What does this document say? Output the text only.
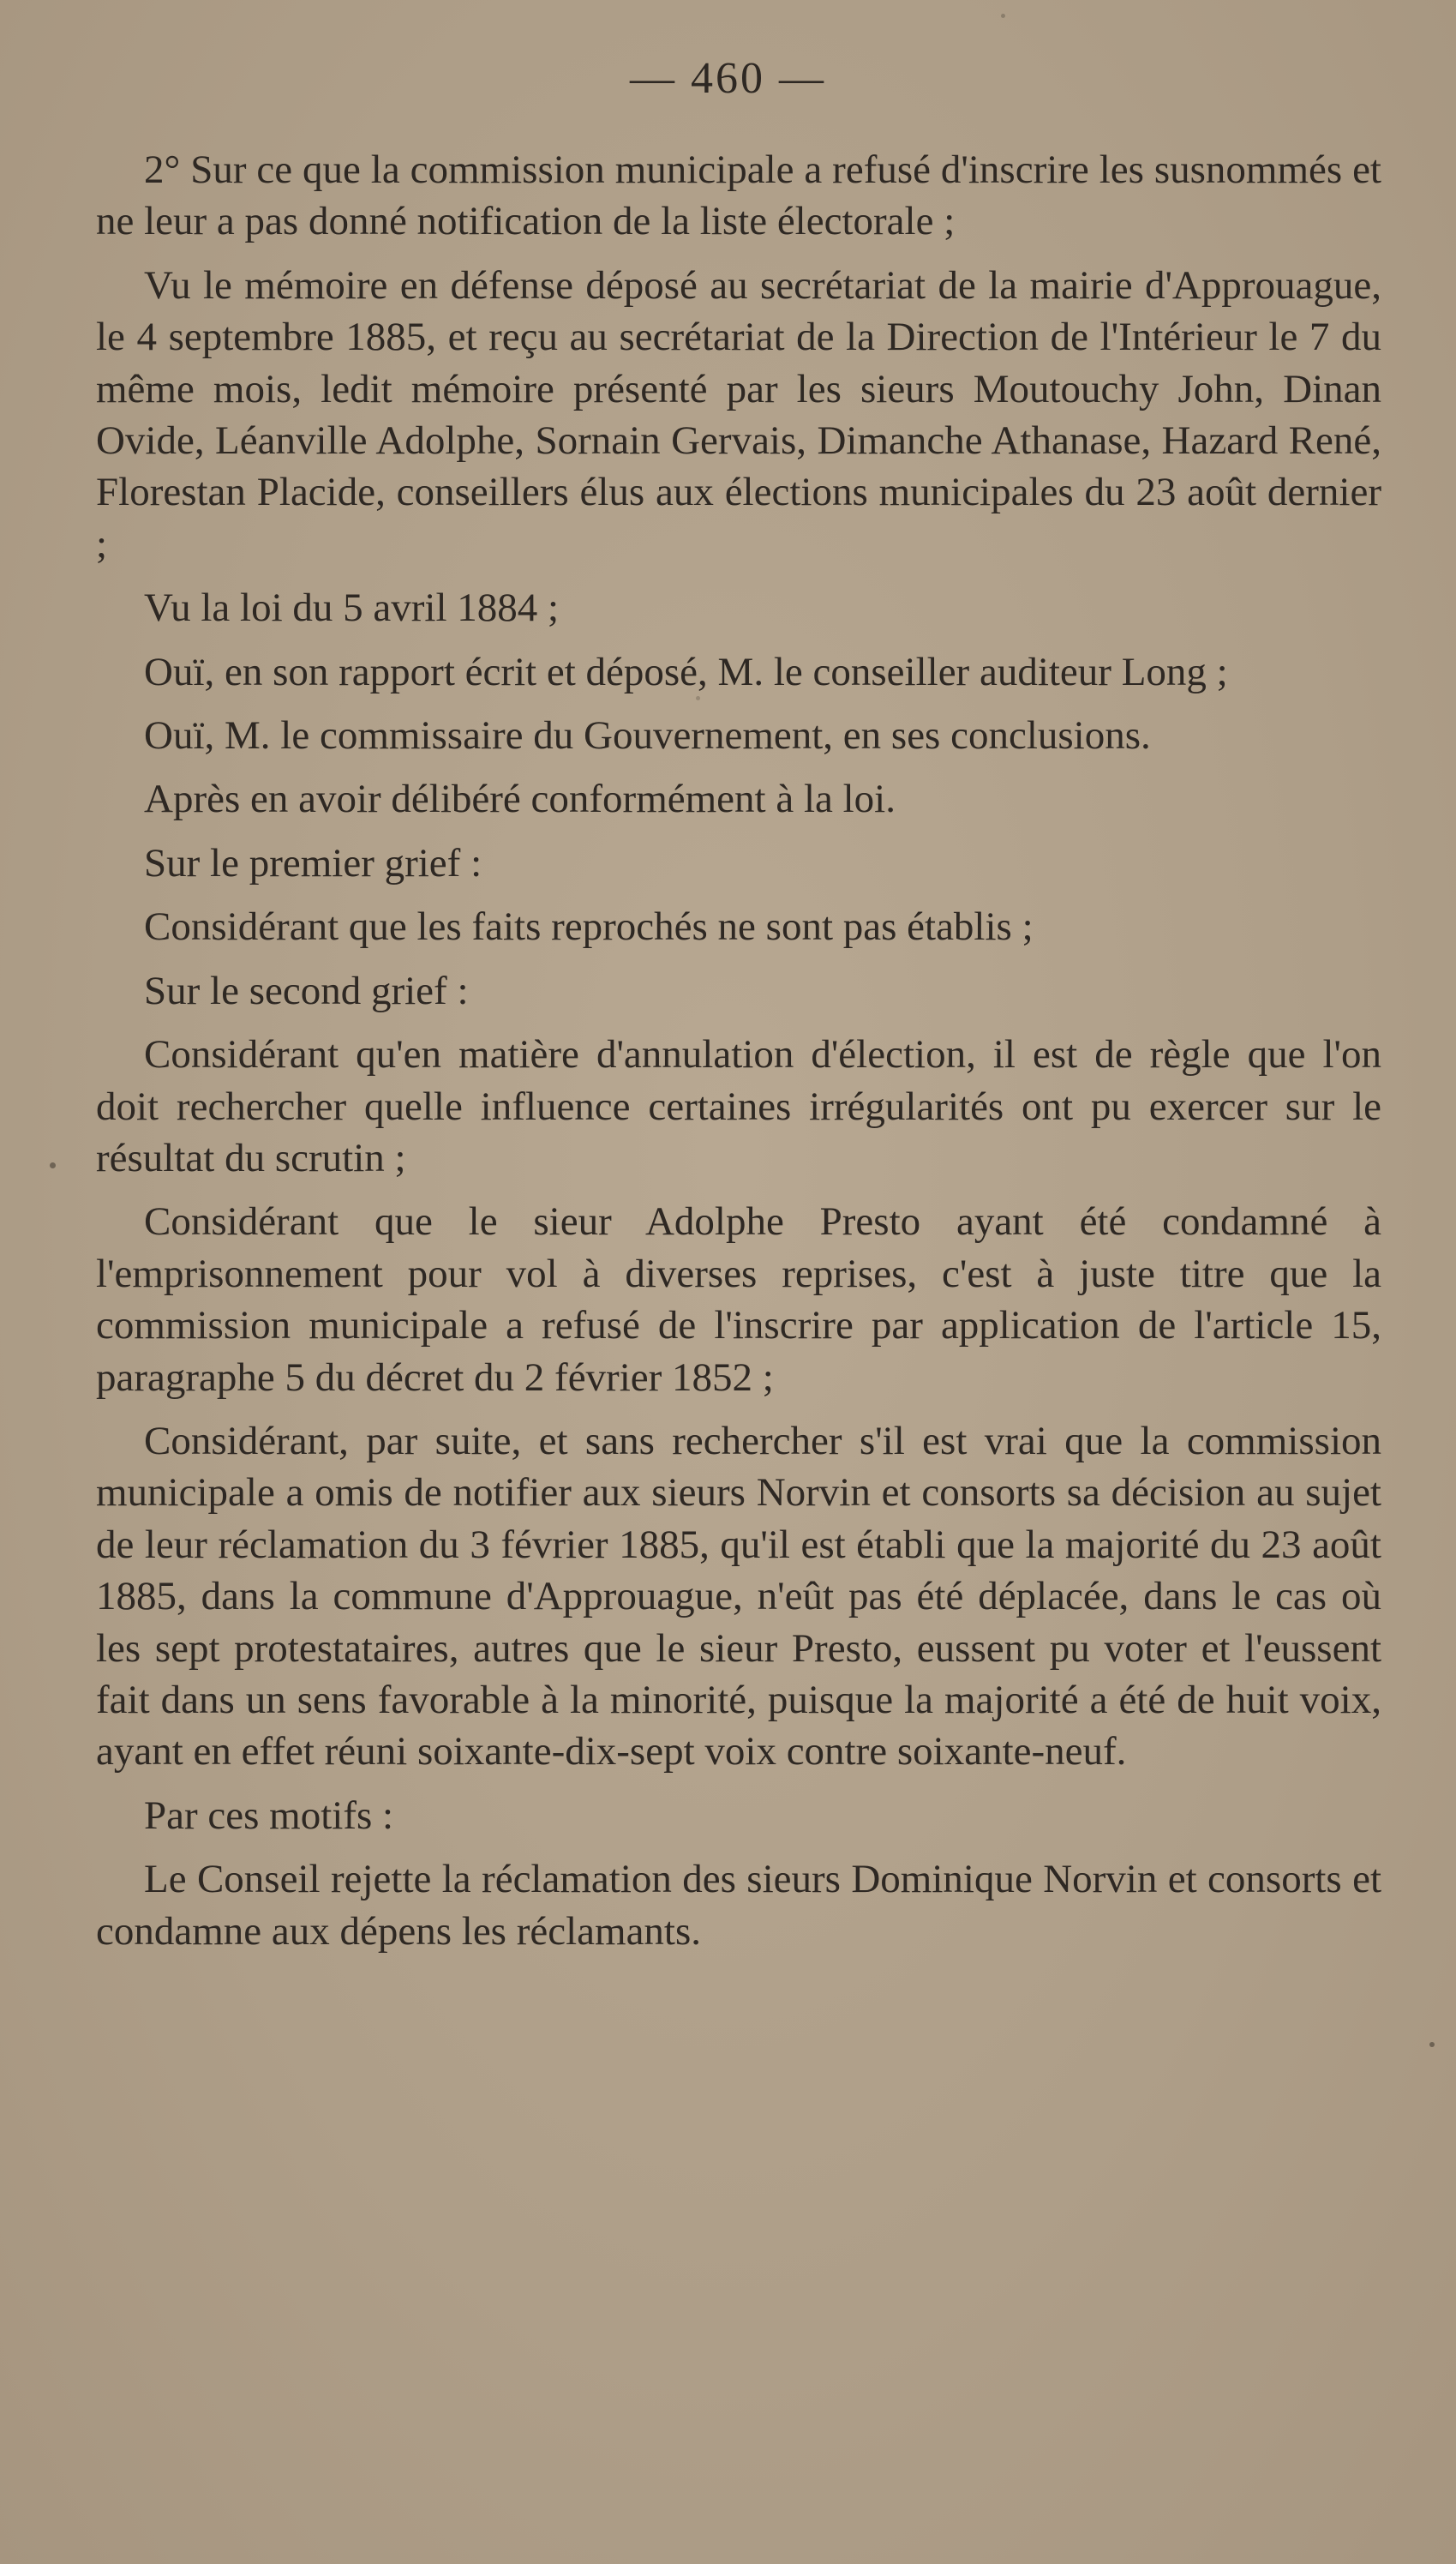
— 460 —

2° Sur ce que la commission municipale a refusé d'inscrire les susnommés et ne leur a pas donné notification de la liste électorale ;

Vu le mémoire en défense déposé au secrétariat de la mairie d'Approuague, le 4 septembre 1885, et reçu au secrétariat de la Direction de l'Intérieur le 7 du même mois, ledit mémoire présenté par les sieurs Moutouchy John, Dinan Ovide, Léanville Adolphe, Sornain Gervais, Dimanche Athanase, Hazard René, Florestan Placide, conseillers élus aux élections municipales du 23 août dernier ;

Vu la loi du 5 avril 1884 ;

Ouï, en son rapport écrit et déposé, M. le conseiller auditeur Long ;

Ouï, M. le commissaire du Gouvernement, en ses conclusions.

Après en avoir délibéré conformément à la loi.

Sur le premier grief :

Considérant que les faits reprochés ne sont pas établis ;

Sur le second grief :

Considérant qu'en matière d'annulation d'élection, il est de règle que l'on doit rechercher quelle influence certaines irrégularités ont pu exercer sur le résultat du scrutin ;

Considérant que le sieur Adolphe Presto ayant été condamné à l'emprisonnement pour vol à diverses reprises, c'est à juste titre que la commission municipale a refusé de l'inscrire par application de l'article 15, paragraphe 5 du décret du 2 février 1852 ;

Considérant, par suite, et sans rechercher s'il est vrai que la commission municipale a omis de notifier aux sieurs Norvin et consorts sa décision au sujet de leur réclamation du 3 février 1885, qu'il est établi que la majorité du 23 août 1885, dans la commune d'Approuague, n'eût pas été déplacée, dans le cas où les sept protestataires, autres que le sieur Presto, eussent pu voter et l'eussent fait dans un sens favorable à la minorité, puisque la majorité a été de huit voix, ayant en effet réuni soixante-dix-sept voix contre soixante-neuf.

Par ces motifs :

Le Conseil rejette la réclamation des sieurs Dominique Norvin et consorts et condamne aux dépens les réclamants.
